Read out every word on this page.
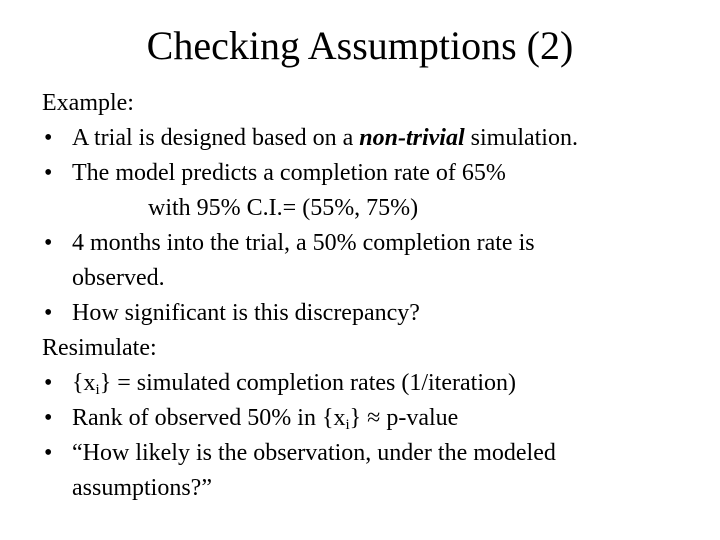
Checking Assumptions (2)
Example:
• A trial is designed based on a non-trivial simulation.
• The model predicts a completion rate of 65%
with 95% C.I.= (55%, 75%)
• 4 months into the trial, a 50% completion rate is
observed.
• How significant is this discrepancy?
Resimulate:
• $\{x_i\}$ = simulated completion rates (1/iteration)
• Rank of observed 50% in $\{x_i\}$ ≈ p-value
• “How likely is the observation, under the modeled
assumptions?”
